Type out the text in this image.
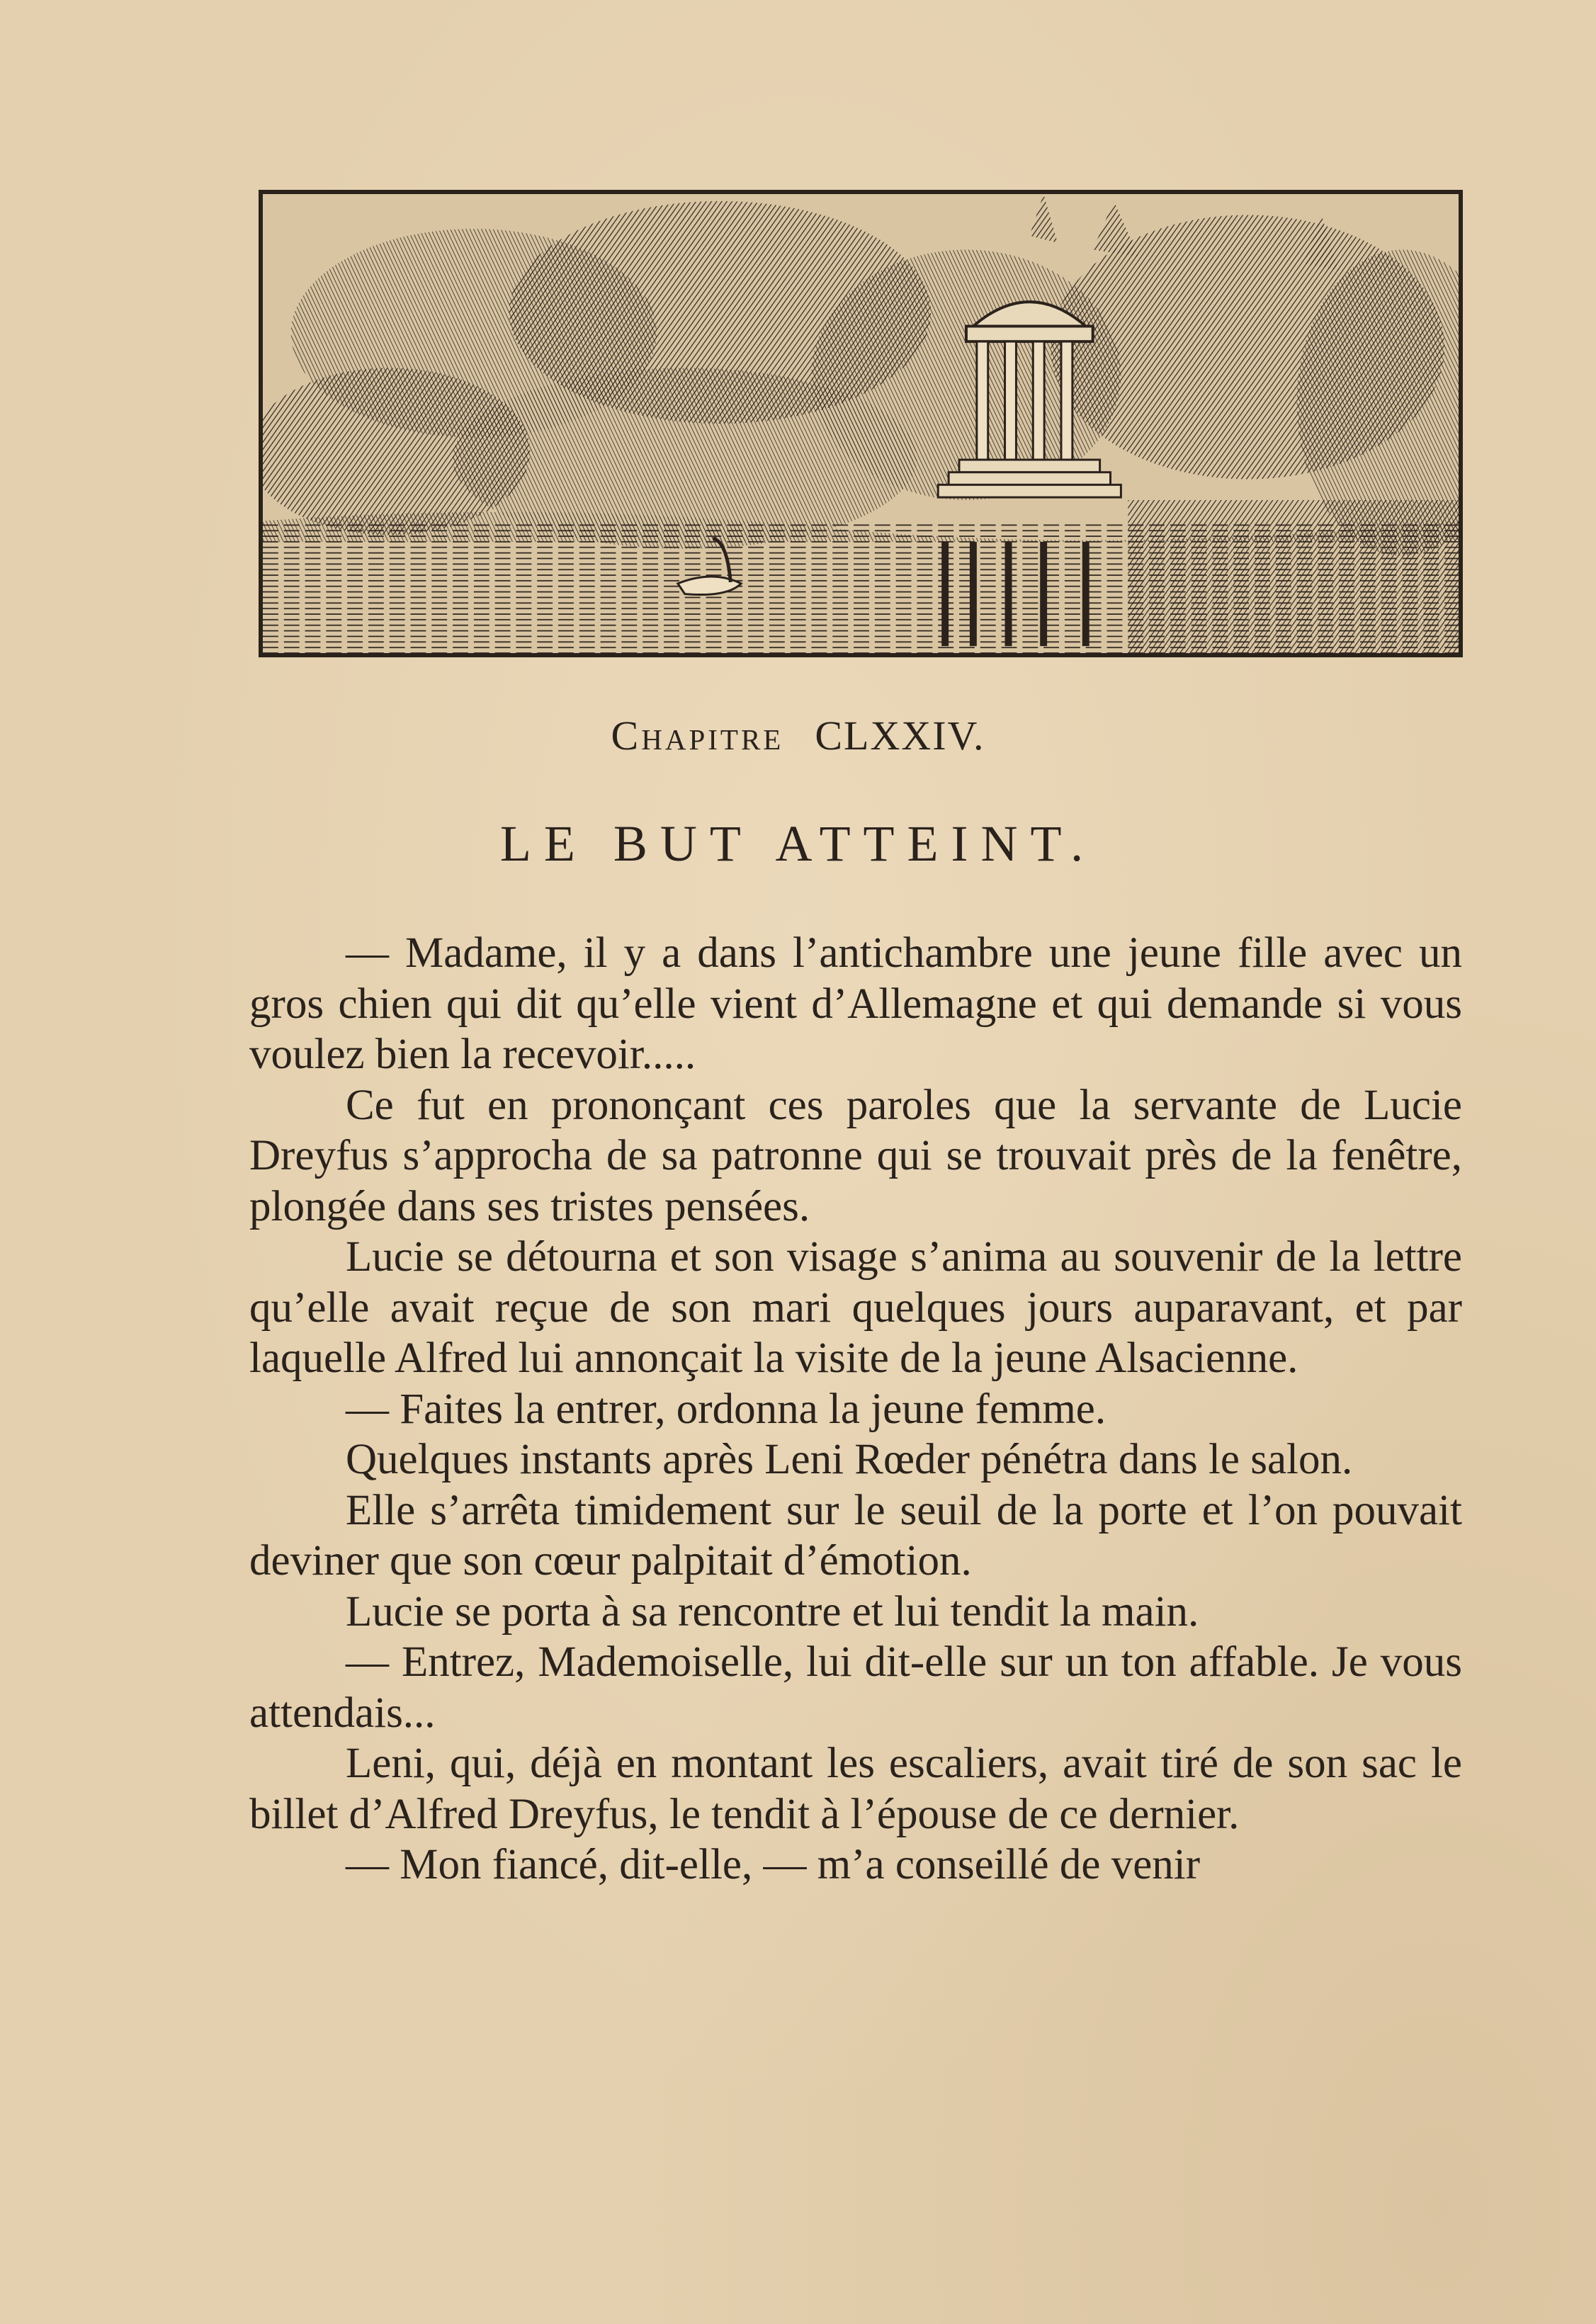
Chapitre CLXXIV.
LE BUT ATTEINT.

— Madame, il y a dans l’antichambre une jeune fille avec un gros chien qui dit qu’elle vient d’Allemagne et qui demande si vous voulez bien la recevoir.....

Ce fut en prononçant ces paroles que la servante de Lucie Dreyfus s’approcha de sa patronne qui se trouvait près de la fenêtre, plongée dans ses tristes pensées.

Lucie se détourna et son visage s’anima au souvenir de la lettre qu’elle avait reçue de son mari quelques jours auparavant, et par laquelle Alfred lui annonçait la visite de la jeune Alsacienne.

— Faites la entrer, ordonna la jeune femme.

Quelques instants après Leni Rœder pénétra dans le salon.

Elle s’arrêta timidement sur le seuil de la porte et l’on pouvait deviner que son cœur palpitait d’émotion.

Lucie se porta à sa rencontre et lui tendit la main.

— Entrez, Mademoiselle, lui dit-elle sur un ton affable. Je vous attendais...

Leni, qui, déjà en montant les escaliers, avait tiré de son sac le billet d’Alfred Dreyfus, le tendit à l’épouse de ce dernier.

— Mon fiancé, dit-elle, — m’a conseillé de venir
